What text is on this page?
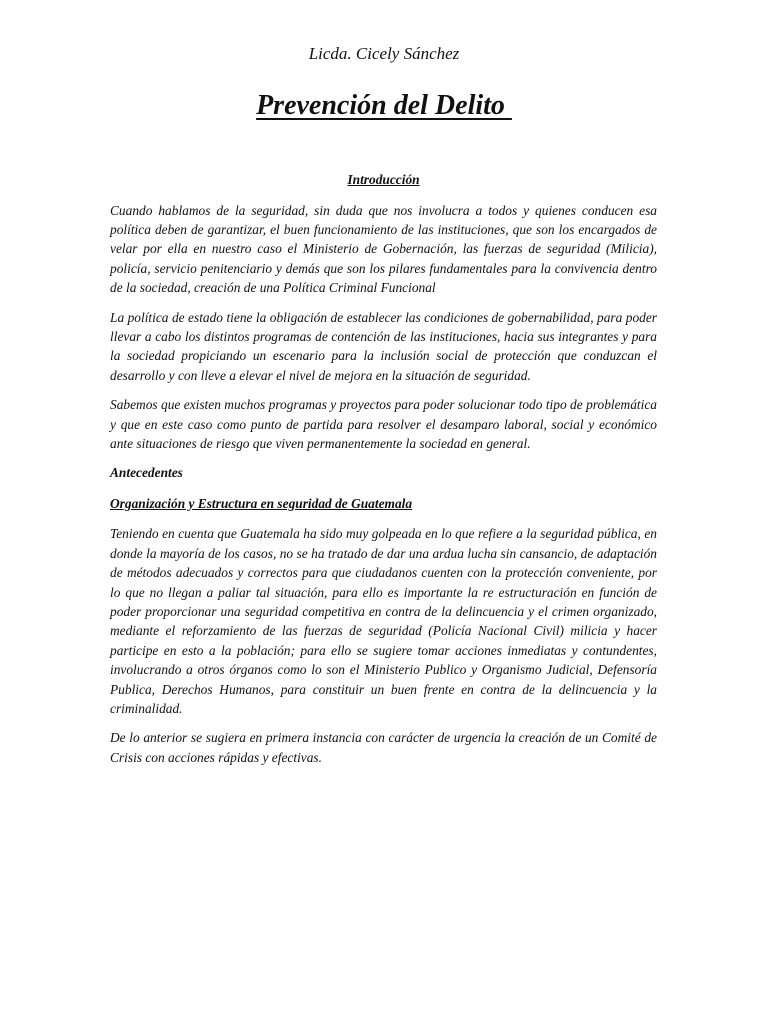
Licda. Cicely Sánchez
Prevención del Delito
Introducción

Cuando hablamos de la seguridad, sin duda que nos involucra a todos y quienes conducen esa política deben de garantizar, el buen funcionamiento de las instituciones, que son los encargados de velar por ella en nuestro caso el Ministerio de Gobernación, las fuerzas de seguridad (Milicia), policía, servicio penitenciario y demás que son los pilares fundamentales para la convivencia dentro de la sociedad, creación de una Política Criminal Funcional

La política de estado tiene la obligación de establecer las condiciones de gobernabilidad, para poder llevar a cabo los distintos programas de contención de las instituciones, hacia sus integrantes y para la sociedad propiciando un escenario para la inclusión social de protección que conduzcan el desarrollo y con lleve a elevar el nivel de mejora en la situación de seguridad.

Sabemos que existen muchos programas y proyectos para poder solucionar todo tipo de problemática y que en este caso como punto de partida para resolver el desamparo laboral, social y económico ante situaciones de riesgo que viven permanentemente la sociedad en general.

Antecedentes
Organización y Estructura en seguridad de Guatemala

Teniendo en cuenta que Guatemala ha sido muy golpeada en lo que refiere a la seguridad pública, en donde la mayoría de los casos, no se ha tratado de dar una ardua lucha sin cansancio, de adaptación de métodos adecuados y correctos para que ciudadanos cuenten con la protección conveniente, por lo que no llegan a paliar tal situación, para ello es importante la re estructuración en función de poder proporcionar una seguridad competitiva en contra de la delincuencia y el crimen organizado, mediante el reforzamiento de las fuerzas de seguridad (Policía Nacional Civil) milicia y hacer participe en esto a la población; para ello se sugiere tomar acciones inmediatas y contundentes, involucrando a otros órganos como lo son el Ministerio Publico y Organismo Judicial, Defensoría Publica, Derechos Humanos, para constituir un buen frente en contra de la delincuencia y la criminalidad.

De lo anterior se sugiera en primera instancia con carácter de urgencia la creación de un Comité de Crisis con acciones rápidas y efectivas.
